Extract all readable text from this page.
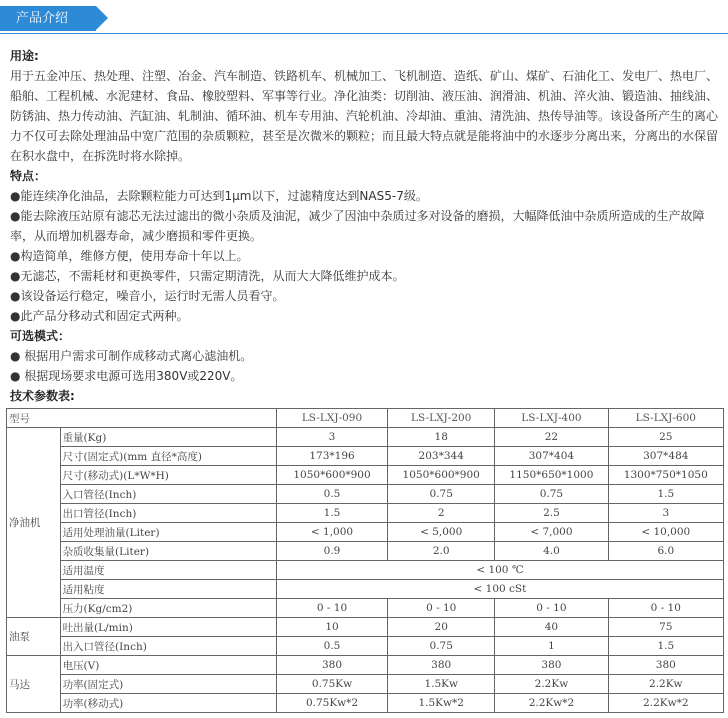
产品介绍
用途:
用于五金冲压、热处理、注塑、冶金、汽车制造、铁路机车、机械加工、飞机制造、造纸、矿山、煤矿、石油化工、发电厂、热电厂、
船舶、工程机械、水泥建材、食品、橡胶塑料、军事等行业。净化油类：切削油、液压油、润滑油、机油、淬火油、锻造油、抽线油、
防锈油、热力传动油、汽缸油、轧制油、循环油、机车专用油、汽轮机油、冷却油、重油、清洗油、热传导油等。该设备所产生的离心
力不仅可去除处理油品中宽广范围的杂质颗粒，甚至是次微米的颗粒；而且最大特点就是能将油中的水逐步分离出来，分离出的水保留
在积水盘中，在拆洗时将水除掉。
特点：
●能连续净化油品，去除颗粒能力可达到1μm以下，过滤精度达到NAS5-7级。
●能去除液压站原有滤芯无法过滤出的微小杂质及油泥，减少了因油中杂质过多对设备的磨损，大幅降低油中杂质所造成的生产故障
率，从而增加机器寿命，减少磨损和零件更换。
●构造简单，维修方便，使用寿命十年以上。
●无滤芯，不需耗材和更换零件，只需定期清洗，从而大大降低维护成本。
●该设备运行稳定，噪音小，运行时无需人员看守。
●此产品分移动式和固定式两种。
可选模式：
● 根据用户需求可制作成移动式离心滤油机。
● 根据现场要求电源可选用380V或220V。
技术参数表:
型号		LS-LXJ-090	LS-LXJ-200	LS-LXJ-400	LS-LXJ-600
净油机	重量(Kg)	3	18	22	25
	尺寸(固定式)(mm 直径*高度)	173*196	203*344	307*404	307*484
	尺寸(移动式)(L*W*H)	1050*600*900	1050*600*900	1150*650*1000	1300*750*1050
	入口管径(Inch)	0.5	0.75	0.75	1.5
	出口管径(Inch)	1.5	2	2.5	3
	适用处理油量(Liter)	< 1,000	< 5,000	< 7,000	< 10,000
	杂质收集量(Liter)	0.9	2.0	4.0	6.0
	适用温度	< 100 ℃			
	适用粘度	< 100 cSt			
	压力(Kg/cm2)	0 - 10	0 - 10	0 - 10	0 - 10
油泵	吐出量(L/min)	10	20	40	75
	出入口管径(Inch)	0.5	0.75	1	1.5
马达	电压(V)	380	380	380	380
	功率(固定式)	0.75Kw	1.5Kw	2.2Kw	2.2Kw
	功率(移动式)	0.75Kw*2	1.5Kw*2	2.2Kw*2	2.2Kw*2
